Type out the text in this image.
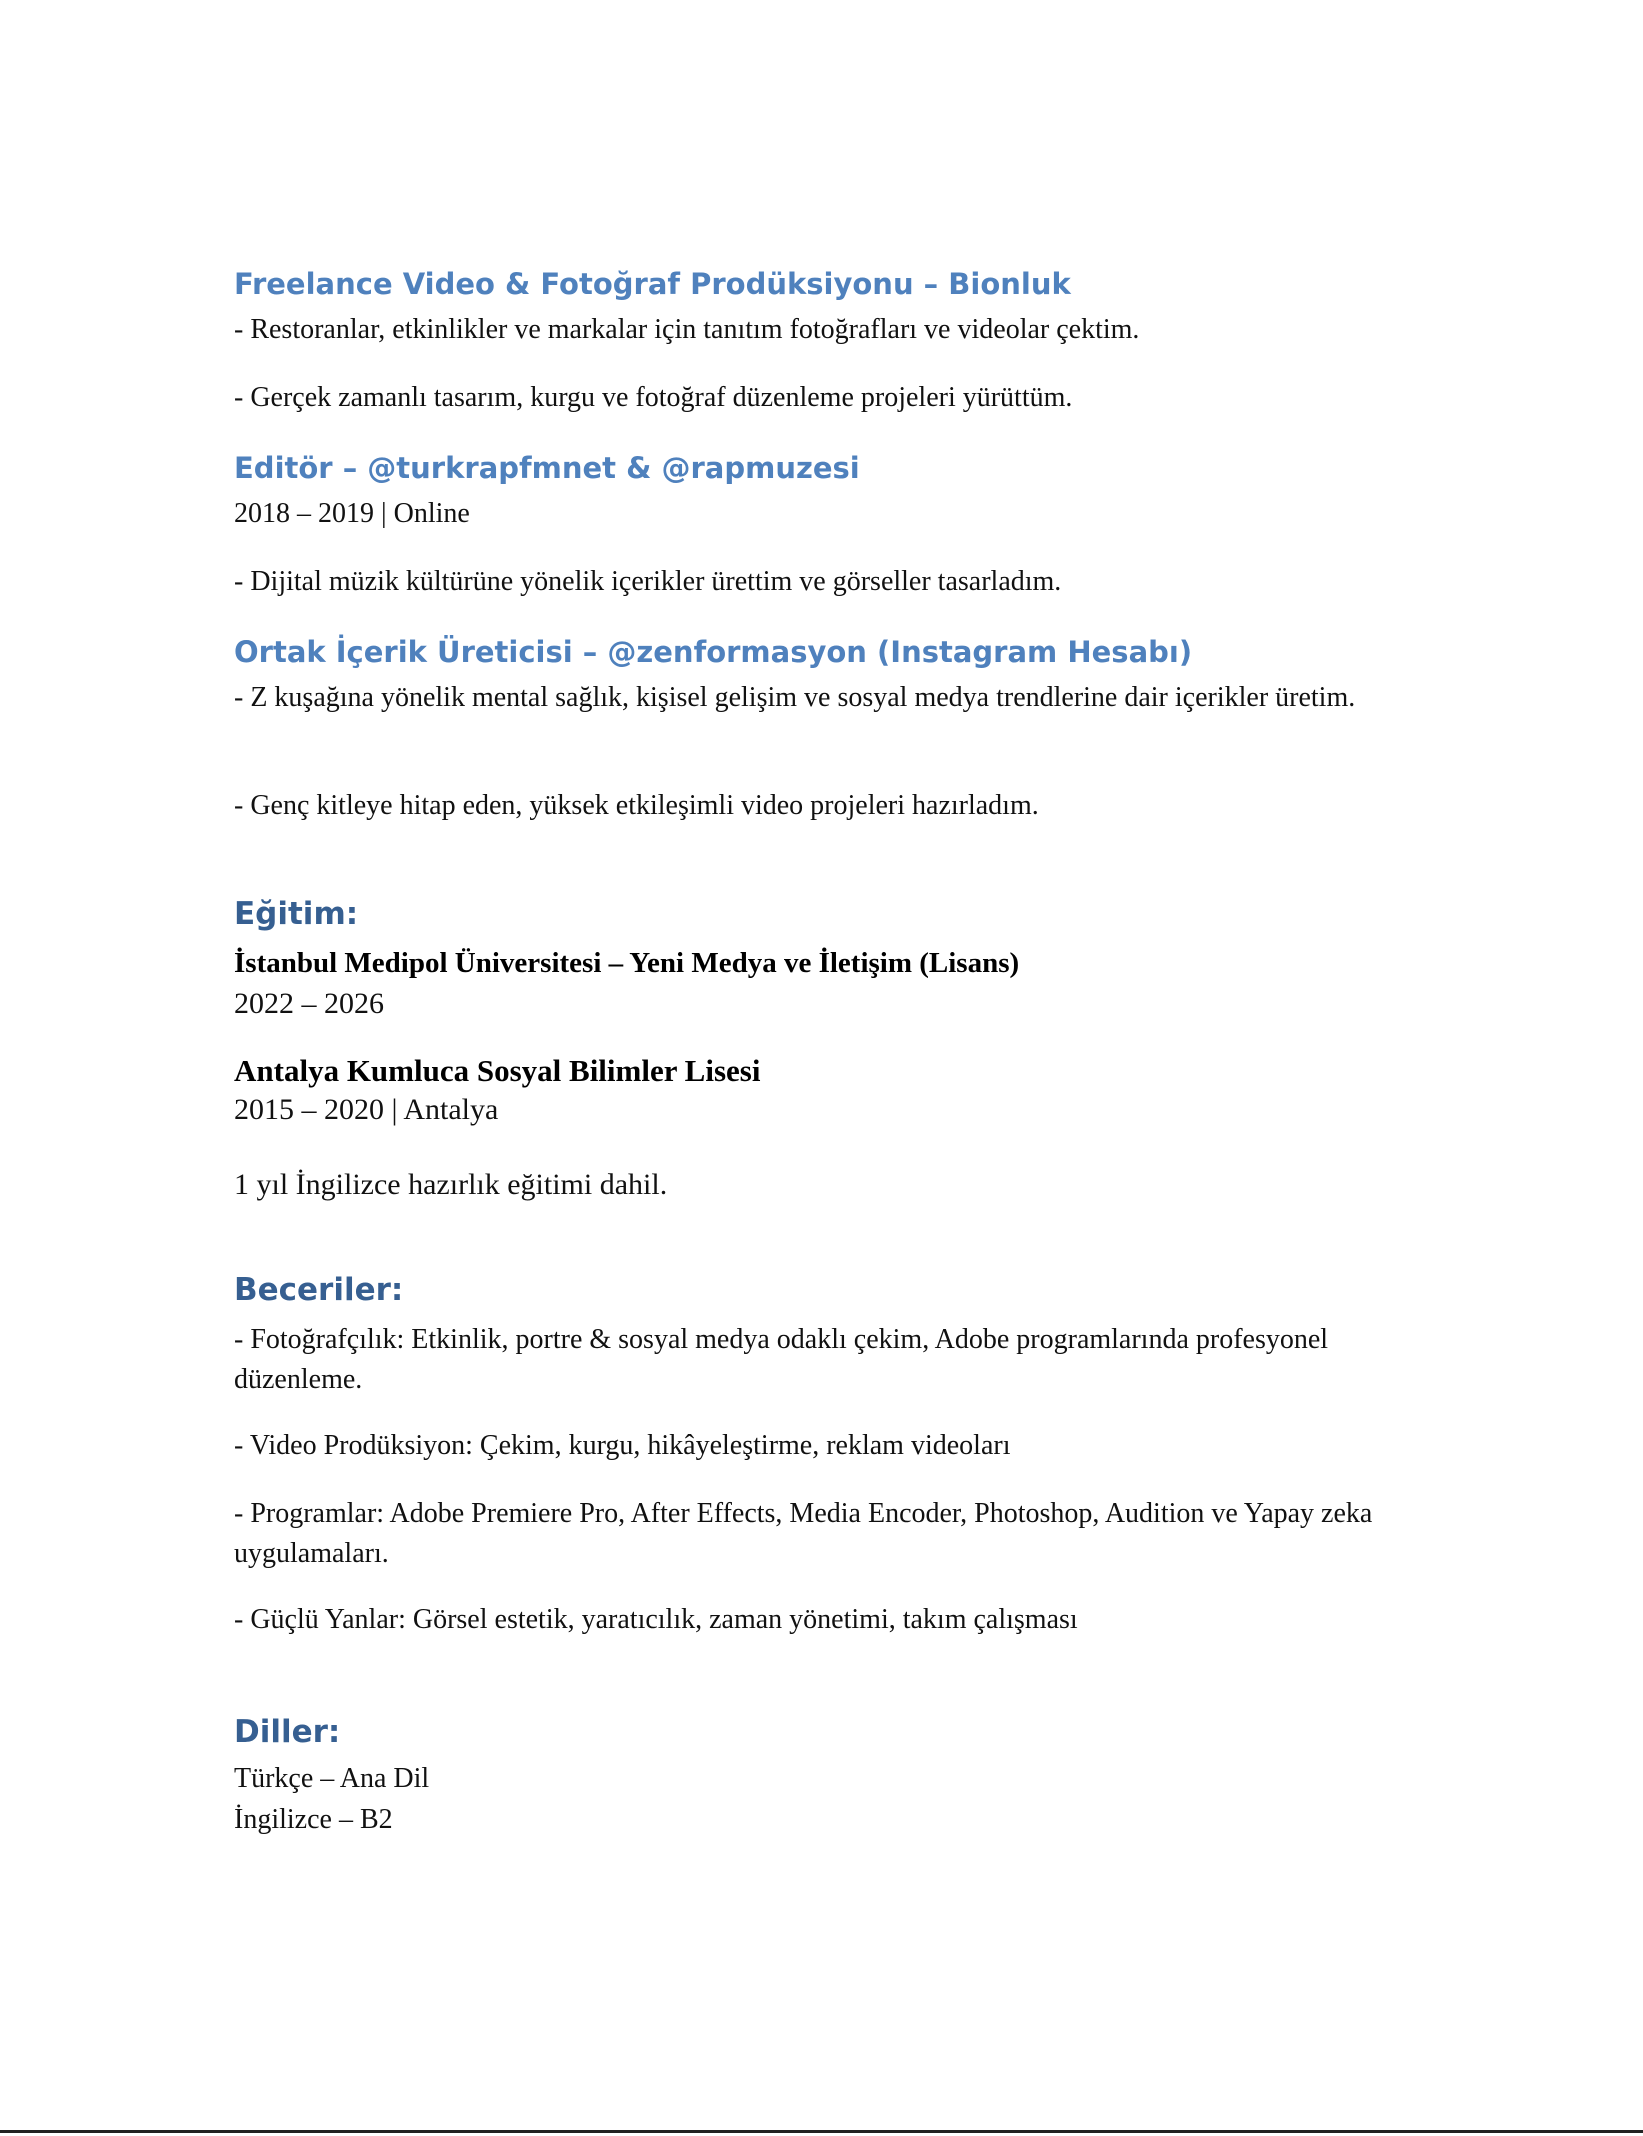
Freelance Video & Fotoğraf Prodüksiyonu – Bionluk

- Restoranlar, etkinlikler ve markalar için tanıtım fotoğrafları ve videolar çektim.

- Gerçek zamanlı tasarım, kurgu ve fotoğraf düzenleme projeleri yürüttüm.

Editör – @turkrapfmnet & @rapmuzesi

2018 – 2019 | Online

- Dijital müzik kültürüne yönelik içerikler ürettim ve görseller tasarladım.

Ortak İçerik Üreticisi – @zenformasyon (Instagram Hesabı)

- Z kuşağına yönelik mental sağlık, kişisel gelişim ve sosyal medya trendlerine dair içerikler üretim.

- Genç kitleye hitap eden, yüksek etkileşimli video projeleri hazırladım.

Eğitim:

İstanbul Medipol Üniversitesi – Yeni Medya ve İletişim (Lisans)

2022 – 2026

Antalya Kumluca Sosyal Bilimler Lisesi

2015 – 2020 | Antalya

1 yıl İngilizce hazırlık eğitimi dahil.

Beceriler:

- Fotoğrafçılık: Etkinlik, portre & sosyal medya odaklı çekim, Adobe programlarında profesyonel düzenleme.

- Video Prodüksiyon: Çekim, kurgu, hikâyeleştirme, reklam videoları

- Programlar: Adobe Premiere Pro, After Effects, Media Encoder, Photoshop, Audition ve Yapay zeka uygulamaları.

- Güçlü Yanlar: Görsel estetik, yaratıcılık, zaman yönetimi, takım çalışması

Diller:

Türkçe – Ana Dil

İngilizce – B2
